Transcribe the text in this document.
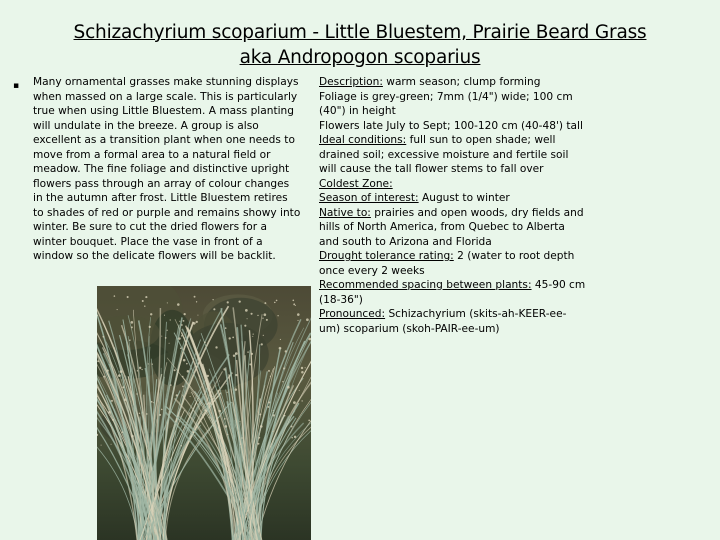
Schizachyrium scoparium - Little Bluestem, Prairie Beard Grass
aka Andropogon scoparius
▪ Many ornamental grasses make stunning displays when massed on a large scale. This is particularly true when using Little Bluestem. A mass planting will undulate in the breeze. A group is also excellent as a transition plant when one needs to move from a formal area to a natural field or meadow. The fine foliage and distinctive upright flowers pass through an array of colour changes in the autumn after frost. Little Bluestem retires to shades of red or purple and remains showy into winter. Be sure to cut the dried flowers for a winter bouquet. Place the vase in front of a window so the delicate flowers will be backlit.
Description: warm season; clump forming
Foliage is grey-green; 7mm (1/4") wide; 100 cm (40") in height
Flowers late July to Sept; 100-120 cm (40-48') tall
Ideal conditions: full sun to open shade; well drained soil; excessive moisture and fertile soil will cause the tall flower stems to fall over
Coldest Zone:
Season of interest: August to winter
Native to: prairies and open woods, dry fields and hills of North America, from Quebec to Alberta and south to Arizona and Florida
Drought tolerance rating: 2 (water to root depth once every 2 weeks
Recommended spacing between plants: 45-90 cm (18-36")
Pronounced: Schizachyrium (skits-ah-KEER-ee-um) scoparium (skoh-PAIR-ee-um)
